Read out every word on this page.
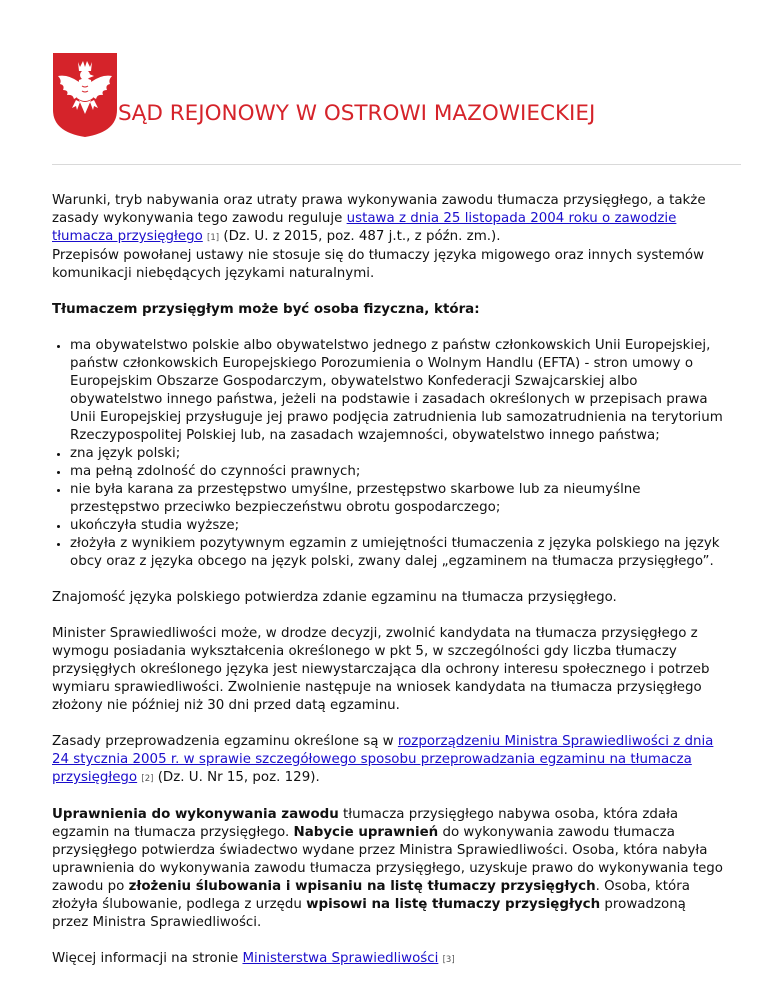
SĄD REJONOWY W OSTROWI MAZOWIECKIEJ

Warunki, tryb nabywania oraz utraty prawa wykonywania zawodu tłumacza przysięgłego, a także zasady wykonywania tego zawodu reguluje ustawa z dnia 25 listopada 2004 roku o zawodzie tłumacza przysięgłego [1] (Dz. U. z 2015, poz. 487 j.t., z późn. zm.).
Przepisów powołanej ustawy nie stosuje się do tłumaczy języka migowego oraz innych systemów komunikacji niebędących językami naturalnymi.

Tłumaczem przysięgłym może być osoba fizyczna, która:

• ma obywatelstwo polskie albo obywatelstwo jednego z państw członkowskich Unii Europejskiej, państw członkowskich Europejskiego Porozumienia o Wolnym Handlu (EFTA) - stron umowy o Europejskim Obszarze Gospodarczym, obywatelstwo Konfederacji Szwajcarskiej albo obywatelstwo innego państwa, jeżeli na podstawie i zasadach określonych w przepisach prawa Unii Europejskiej przysługuje jej prawo podjęcia zatrudnienia lub samozatrudnienia na terytorium Rzeczypospolitej Polskiej lub, na zasadach wzajemności, obywatelstwo innego państwa;
• zna język polski;
• ma pełną zdolność do czynności prawnych;
• nie była karana za przestępstwo umyślne, przestępstwo skarbowe lub za nieumyślne przestępstwo przeciwko bezpieczeństwu obrotu gospodarczego;
• ukończyła studia wyższe;
• złożyła z wynikiem pozytywnym egzamin z umiejętności tłumaczenia z języka polskiego na język obcy oraz z języka obcego na język polski, zwany dalej „egzaminem na tłumacza przysięgłego”.

Znajomość języka polskiego potwierdza zdanie egzaminu na tłumacza przysięgłego.

Minister Sprawiedliwości może, w drodze decyzji, zwolnić kandydata na tłumacza przysięgłego z wymogu posiadania wykształcenia określonego w pkt 5, w szczególności gdy liczba tłumaczy przysięgłych określonego języka jest niewystarczająca dla ochrony interesu społecznego i potrzeb wymiaru sprawiedliwości. Zwolnienie następuje na wniosek kandydata na tłumacza przysięgłego złożony nie później niż 30 dni przed datą egzaminu.

Zasady przeprowadzenia egzaminu określone są w rozporządzeniu Ministra Sprawiedliwości z dnia 24 stycznia 2005 r. w sprawie szczegółowego sposobu przeprowadzania egzaminu na tłumacza przysięgłego [2] (Dz. U. Nr 15, poz. 129).

Uprawnienia do wykonywania zawodu tłumacza przysięgłego nabywa osoba, która zdała egzamin na tłumacza przysięgłego. Nabycie uprawnień do wykonywania zawodu tłumacza przysięgłego potwierdza świadectwo wydane przez Ministra Sprawiedliwości. Osoba, która nabyła uprawnienia do wykonywania zawodu tłumacza przysięgłego, uzyskuje prawo do wykonywania tego zawodu po złożeniu ślubowania i wpisaniu na listę tłumaczy przysięgłych. Osoba, która złożyła ślubowanie, podlega z urzędu wpisowi na listę tłumaczy przysięgłych prowadzoną przez Ministra Sprawiedliwości.

Więcej informacji na stronie Ministerstwa Sprawiedliwości [3]
